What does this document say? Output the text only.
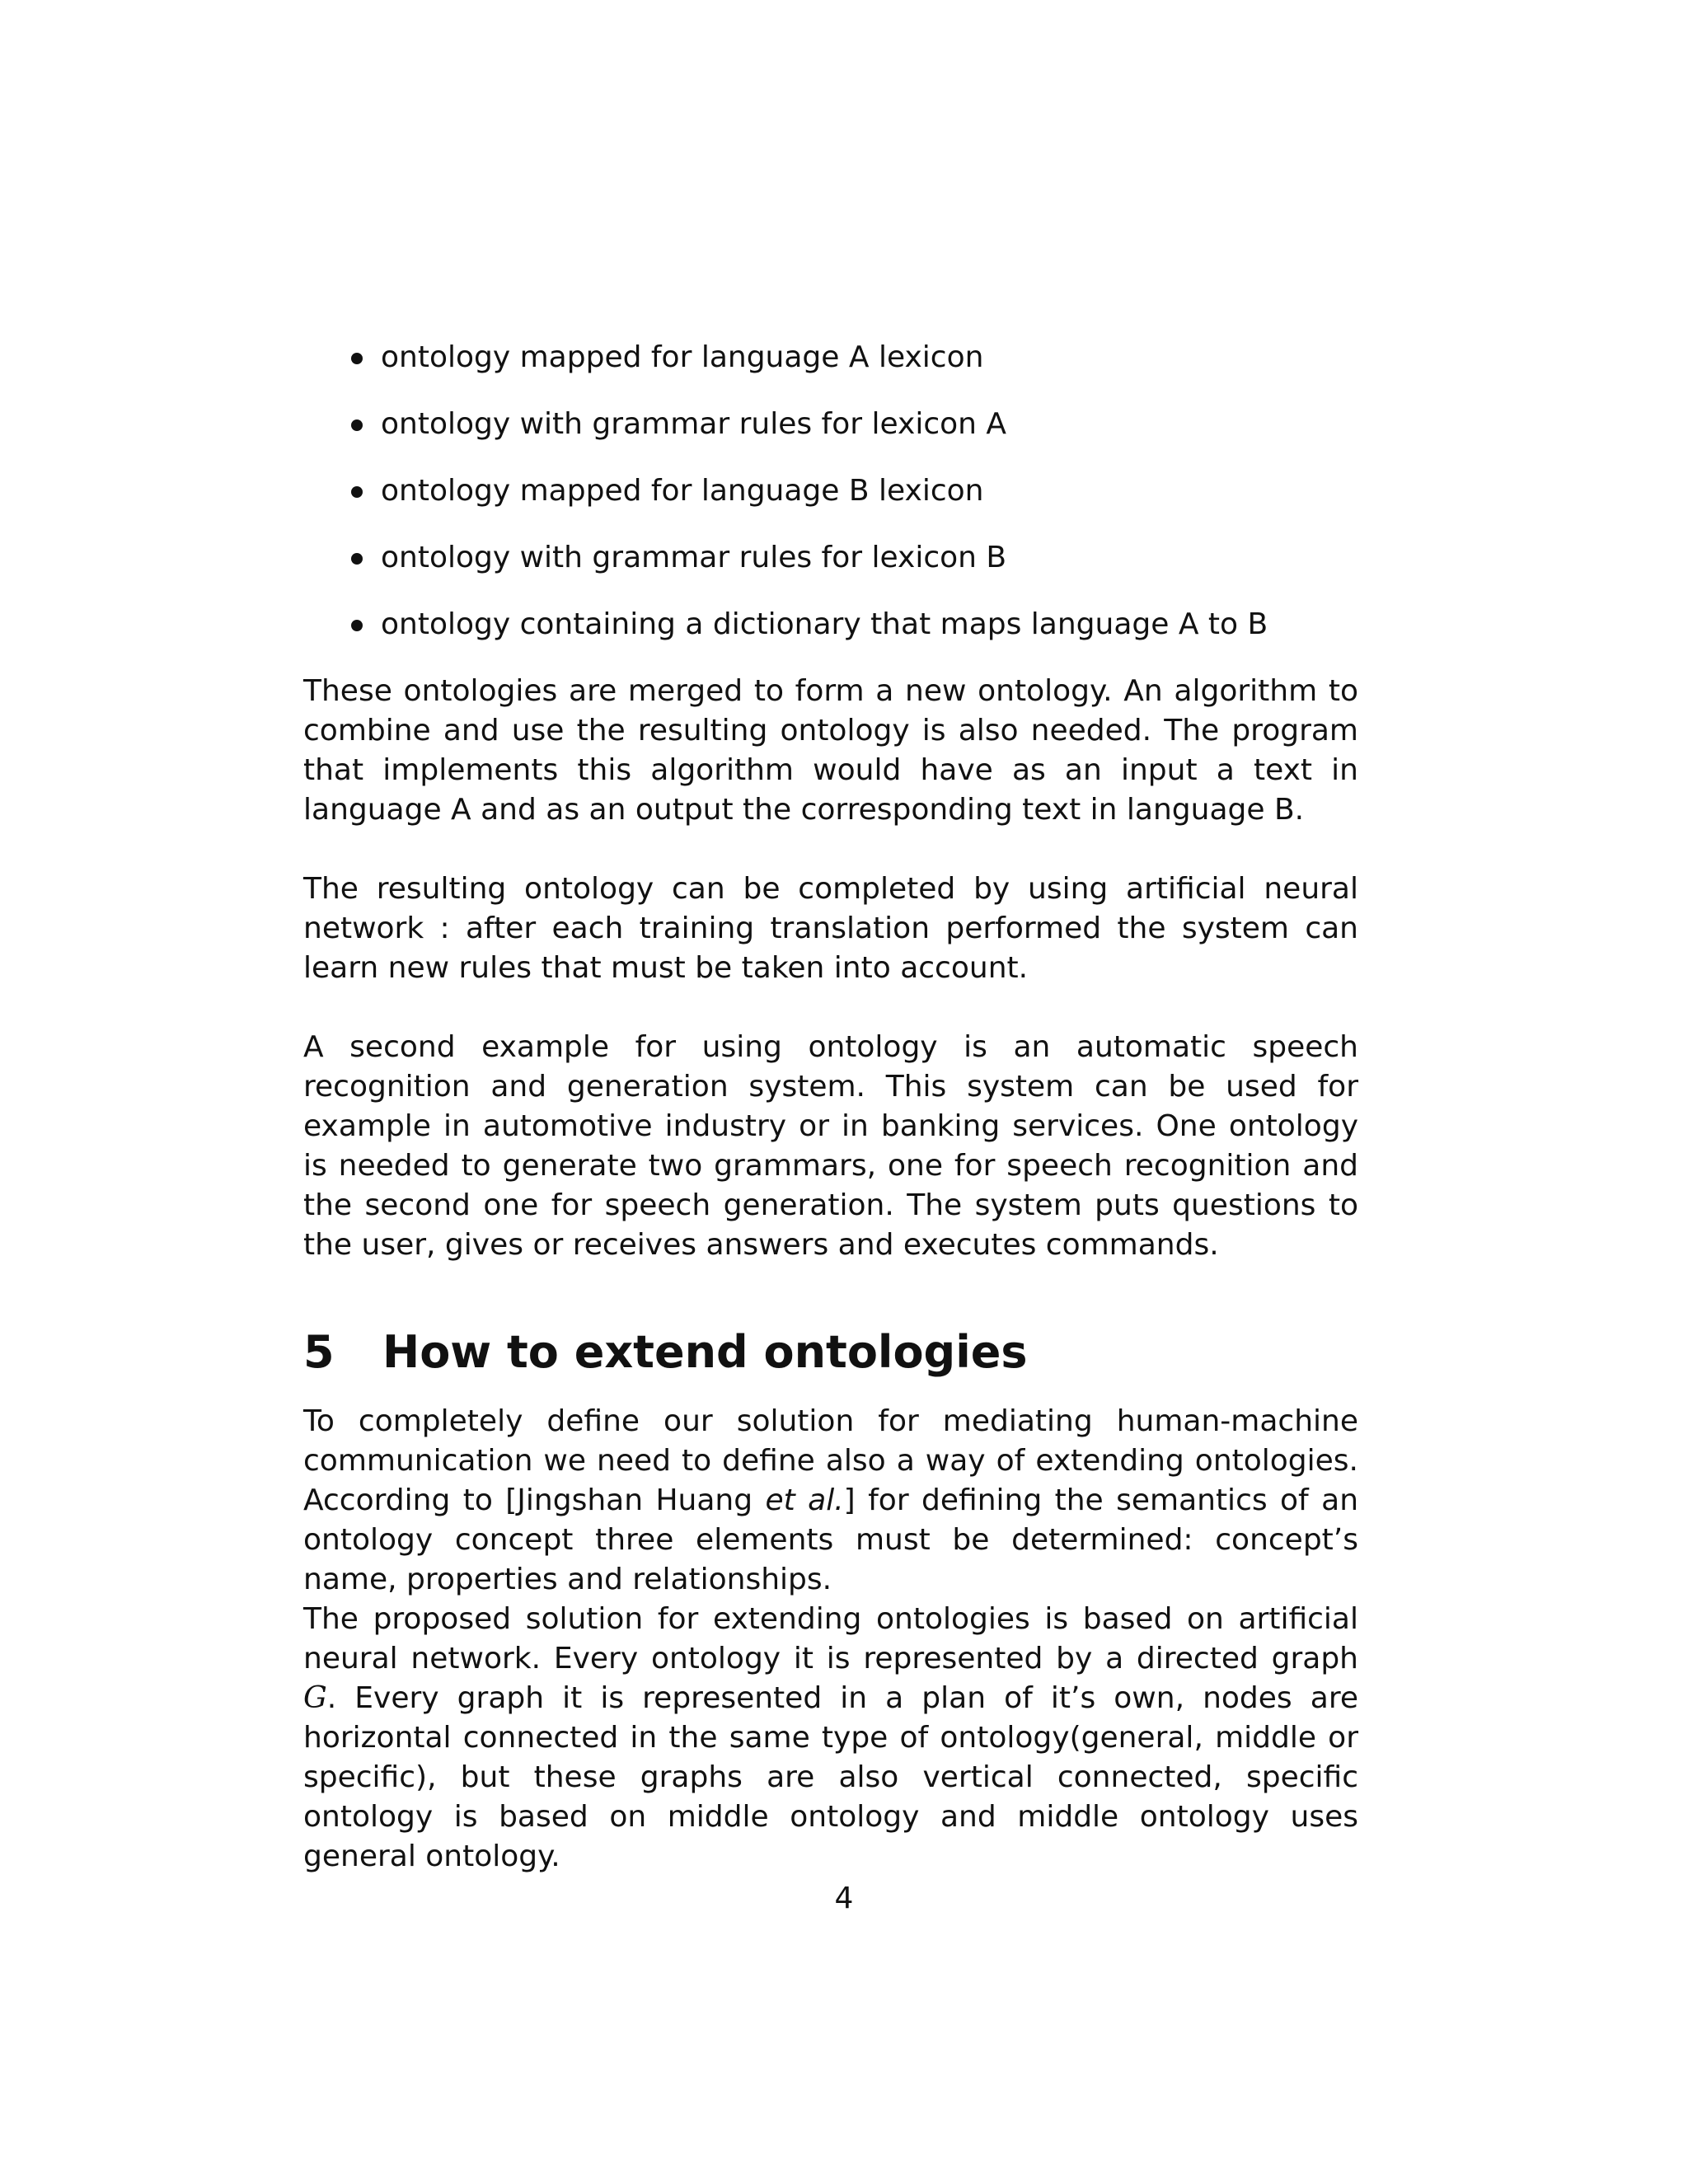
ontology mapped for language A lexicon
ontology with grammar rules for lexicon A
ontology mapped for language B lexicon
ontology with grammar rules for lexicon B
ontology containing a dictionary that maps language A to B

These ontologies are merged to form a new ontology. An algorithm to combine and use the resulting ontology is also needed. The program that implements this algorithm would have as an input a text in language A and as an output the corresponding text in language B.

The resulting ontology can be completed by using artificial neural network : after each training translation performed the system can learn new rules that must be taken into account.

A second example for using ontology is an automatic speech recognition and generation system. This system can be used for example in automotive industry or in banking services. One ontology is needed to generate two grammars, one for speech recognition and the second one for speech generation. The system puts questions to the user, gives or receives answers and executes commands.

5	How to extend ontologies

To completely define our solution for mediating human-machine communication we need to define also a way of extending ontologies. According to [Jingshan Huang et al.] for defining the semantics of an ontology concept three elements must be determined: concept’s name, properties and relationships.

The proposed solution for extending ontologies is based on artificial neural network. Every ontology it is represented by a directed graph G. Every graph it is represented in a plan of it’s own, nodes are horizontal connected in the same type of ontology(general, middle or specific), but these graphs are also vertical connected, specific ontology is based on middle ontology and middle ontology uses general ontology.

4
